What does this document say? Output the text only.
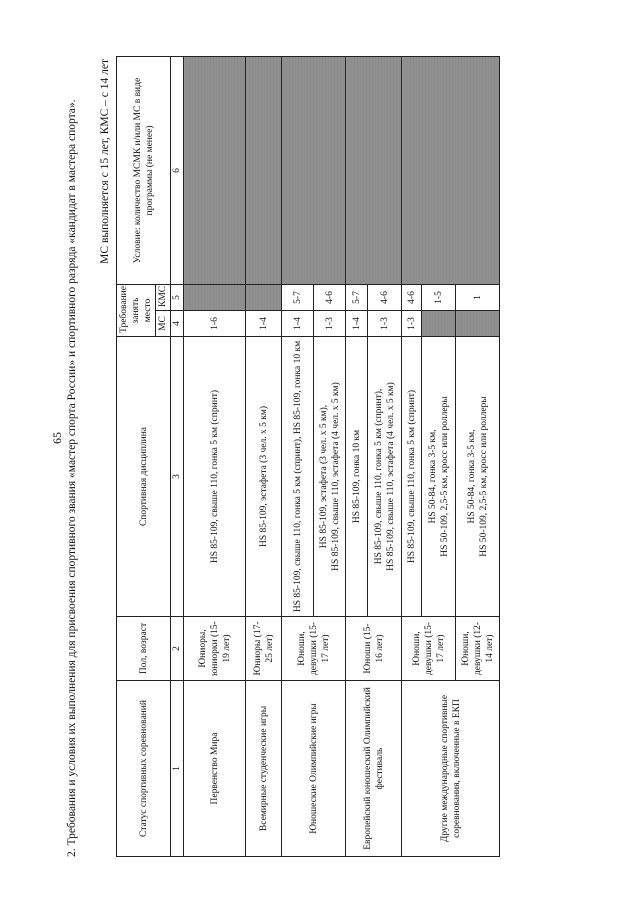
65 2. Требования и условия их выполнения для присвоения спортивного звания «мастер спорта России» и спортивного разряда «кандидат в мастера спорта». МС выполняется с 15 лет, КМС – с 14 лет
Статус спортивных соревнований	Пол, возраст	Спортивная дисциплина	Требование: занять место		Условие: количество МСМК и/или МС в виде программы (не менее)
			МС	КМС	
1	2	3	4	5	6
Первенство Мира	Юниоры, юниорки (15-19 лет)	HS 85-109, свыше 110, гонка 5 км (спринт)	1-6		
Всемирные студенческие игры	Юниоры (17-25 лет)	HS 85-109, эстафета (3 чел. x 5 км)	1-4		
Юношеские Олимпийские игры	Юноши, девушки (15-17 лет)	HS 85-109, свыше 110, гонка 5 км (спринт), HS 85-109, гонка 10 км	1-4	5-7	

		HS 85-109, эстафета (3 чел. x 5 км), HS 85-109, свыше 110, эстафета (4 чел. x 5 км)	1-3	4-6	
Европейский юношеский Олимпийский фестиваль	Юноши (15-16 лет)	HS 85-109, гонка 10 км	1-4	5-7	

		HS 85-109, свыше 110, гонка 5 км (спринт), HS 85-109, свыше 110, эстафета (4 чел. x 5 км)	1-3	4-6	
Другие международные спортивные соревнования, включенные в ЕКП	Юноши, девушки (15-17 лет)	HS 85-109, свыше 110, гонка 5 км (спринт)	1-3	4-6	

		HS 50-84, гонка 3-5 км, HS 50-109, 2,5-5 км, кросс или роллеры		1-5	
	Юноши, девушки (12-14 лет)	HS 50-84, гонка 3-5 км, HS 50-109, 2,5-5 км, кросс или роллеры		1	
